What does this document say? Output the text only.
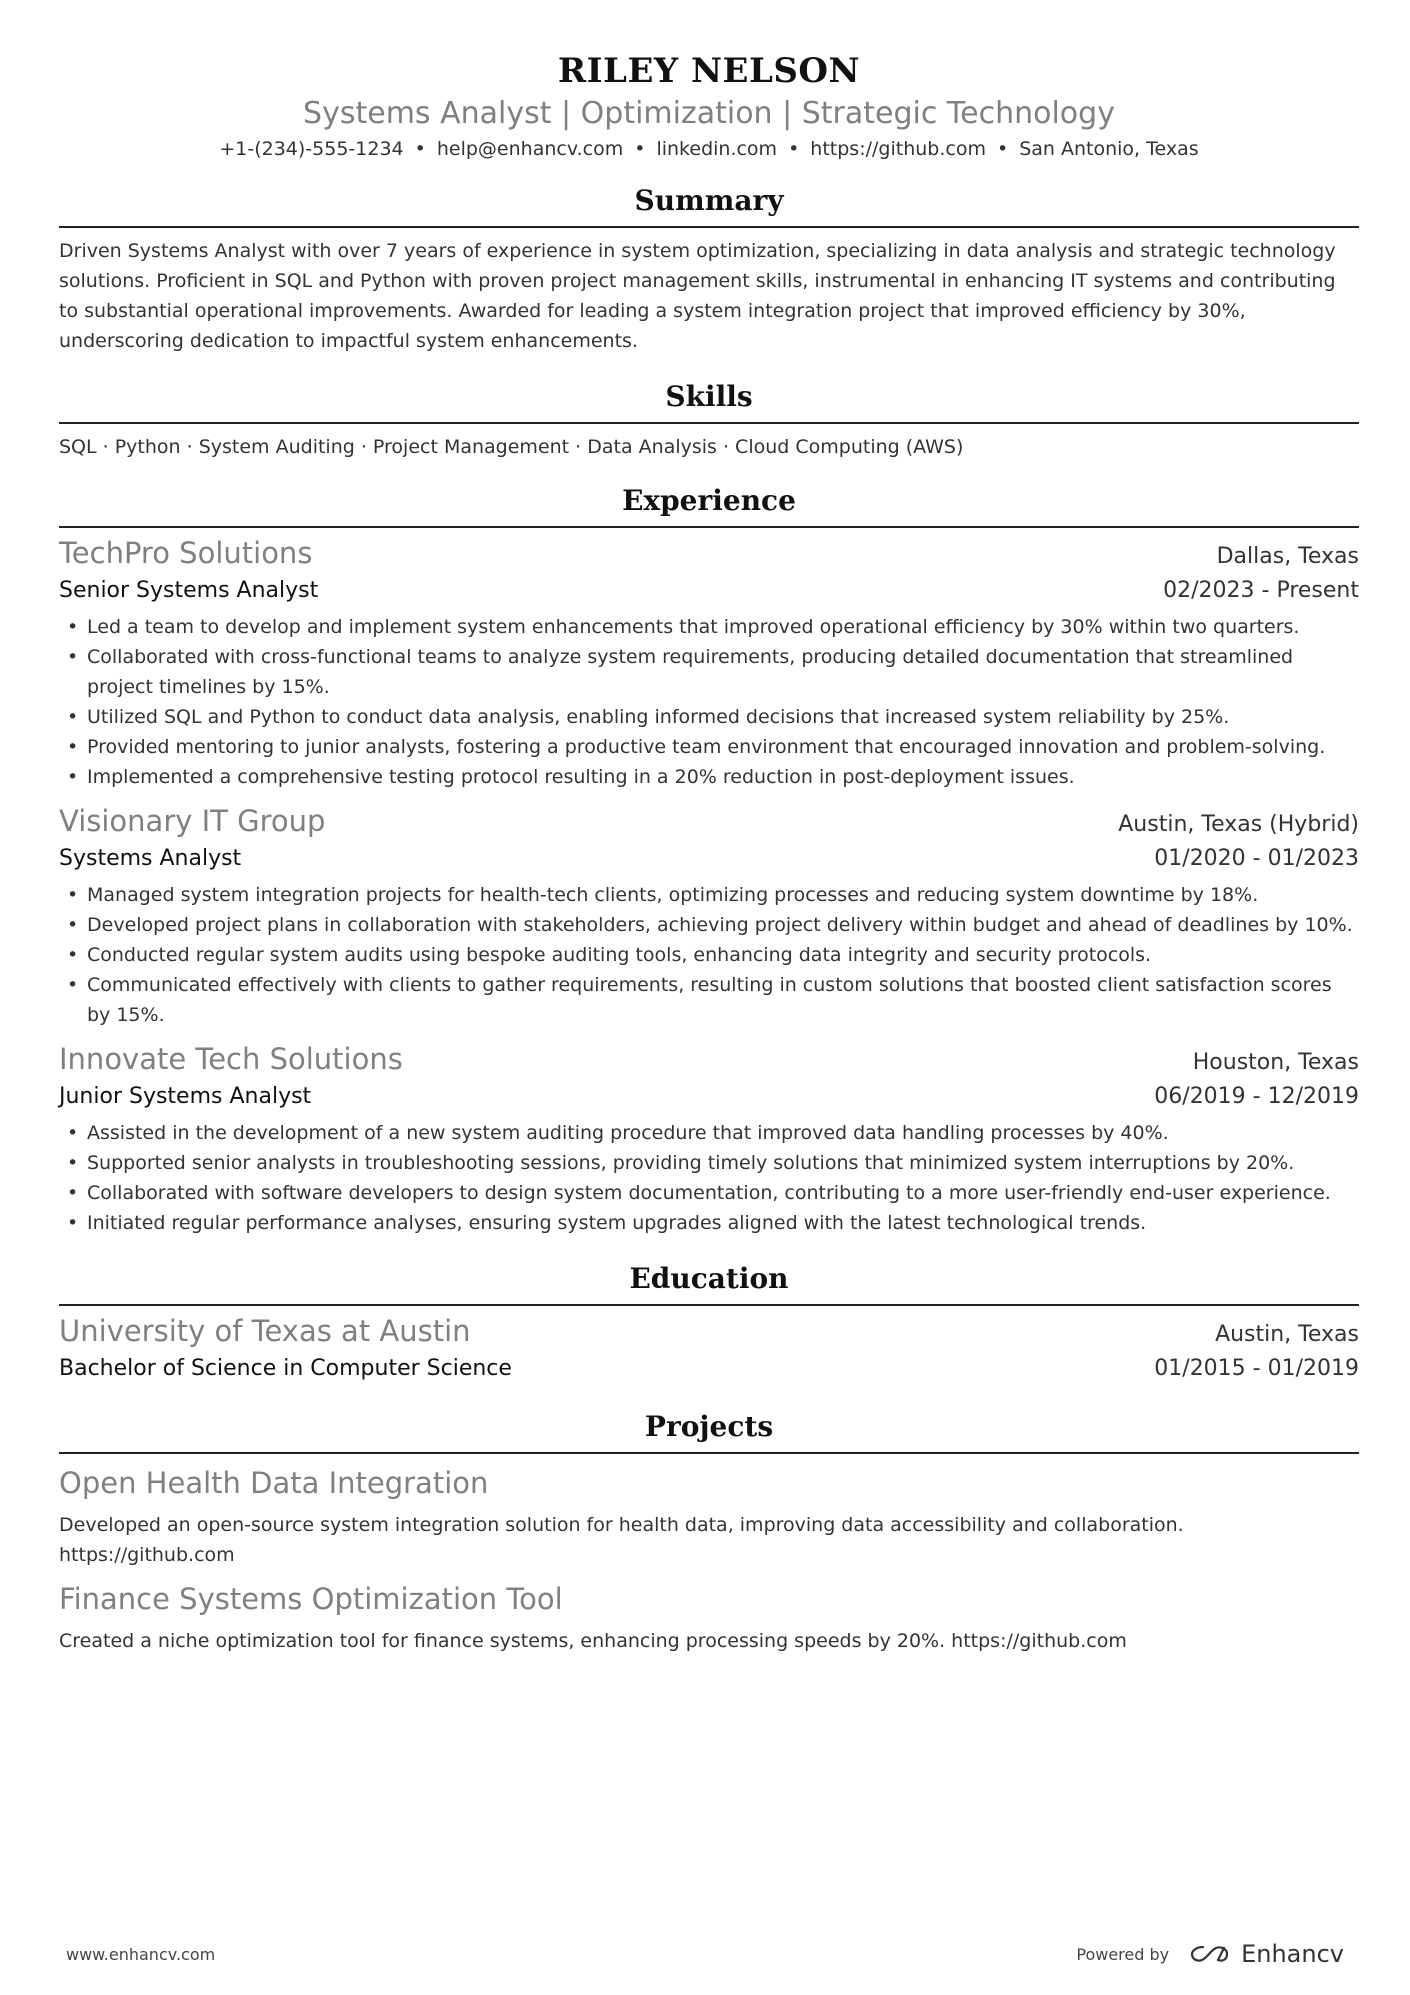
RILEY NELSON
Systems Analyst | Optimization | Strategic Technology
+1-(234)-555-1234 • help@enhancv.com • linkedin.com • https://github.com • San Antonio, Texas
Summary
Driven Systems Analyst with over 7 years of experience in system optimization, specializing in data analysis and strategic technology solutions. Proficient in SQL and Python with proven project management skills, instrumental in enhancing IT systems and contributing to substantial operational improvements. Awarded for leading a system integration project that improved efficiency by 30%, underscoring dedication to impactful system enhancements.
Skills
SQL · Python · System Auditing · Project Management · Data Analysis · Cloud Computing (AWS)
Experience
TechPro Solutions	Dallas, Texas
Senior Systems Analyst	02/2023 - Present
• Led a team to develop and implement system enhancements that improved operational efficiency by 30% within two quarters.
• Collaborated with cross-functional teams to analyze system requirements, producing detailed documentation that streamlined project timelines by 15%.
• Utilized SQL and Python to conduct data analysis, enabling informed decisions that increased system reliability by 25%.
• Provided mentoring to junior analysts, fostering a productive team environment that encouraged innovation and problem-solving.
• Implemented a comprehensive testing protocol resulting in a 20% reduction in post-deployment issues.
Visionary IT Group	Austin, Texas (Hybrid)
Systems Analyst	01/2020 - 01/2023
• Managed system integration projects for health-tech clients, optimizing processes and reducing system downtime by 18%.
• Developed project plans in collaboration with stakeholders, achieving project delivery within budget and ahead of deadlines by 10%.
• Conducted regular system audits using bespoke auditing tools, enhancing data integrity and security protocols.
• Communicated effectively with clients to gather requirements, resulting in custom solutions that boosted client satisfaction scores by 15%.
Innovate Tech Solutions	Houston, Texas
Junior Systems Analyst	06/2019 - 12/2019
• Assisted in the development of a new system auditing procedure that improved data handling processes by 40%.
• Supported senior analysts in troubleshooting sessions, providing timely solutions that minimized system interruptions by 20%.
• Collaborated with software developers to design system documentation, contributing to a more user-friendly end-user experience.
• Initiated regular performance analyses, ensuring system upgrades aligned with the latest technological trends.
Education
University of Texas at Austin	Austin, Texas
Bachelor of Science in Computer Science	01/2015 - 01/2019
Projects
Open Health Data Integration
Developed an open-source system integration solution for health data, improving data accessibility and collaboration. https://github.com
Finance Systems Optimization Tool
Created a niche optimization tool for finance systems, enhancing processing speeds by 20%. https://github.com
www.enhancv.com	Powered by	Enhancv
